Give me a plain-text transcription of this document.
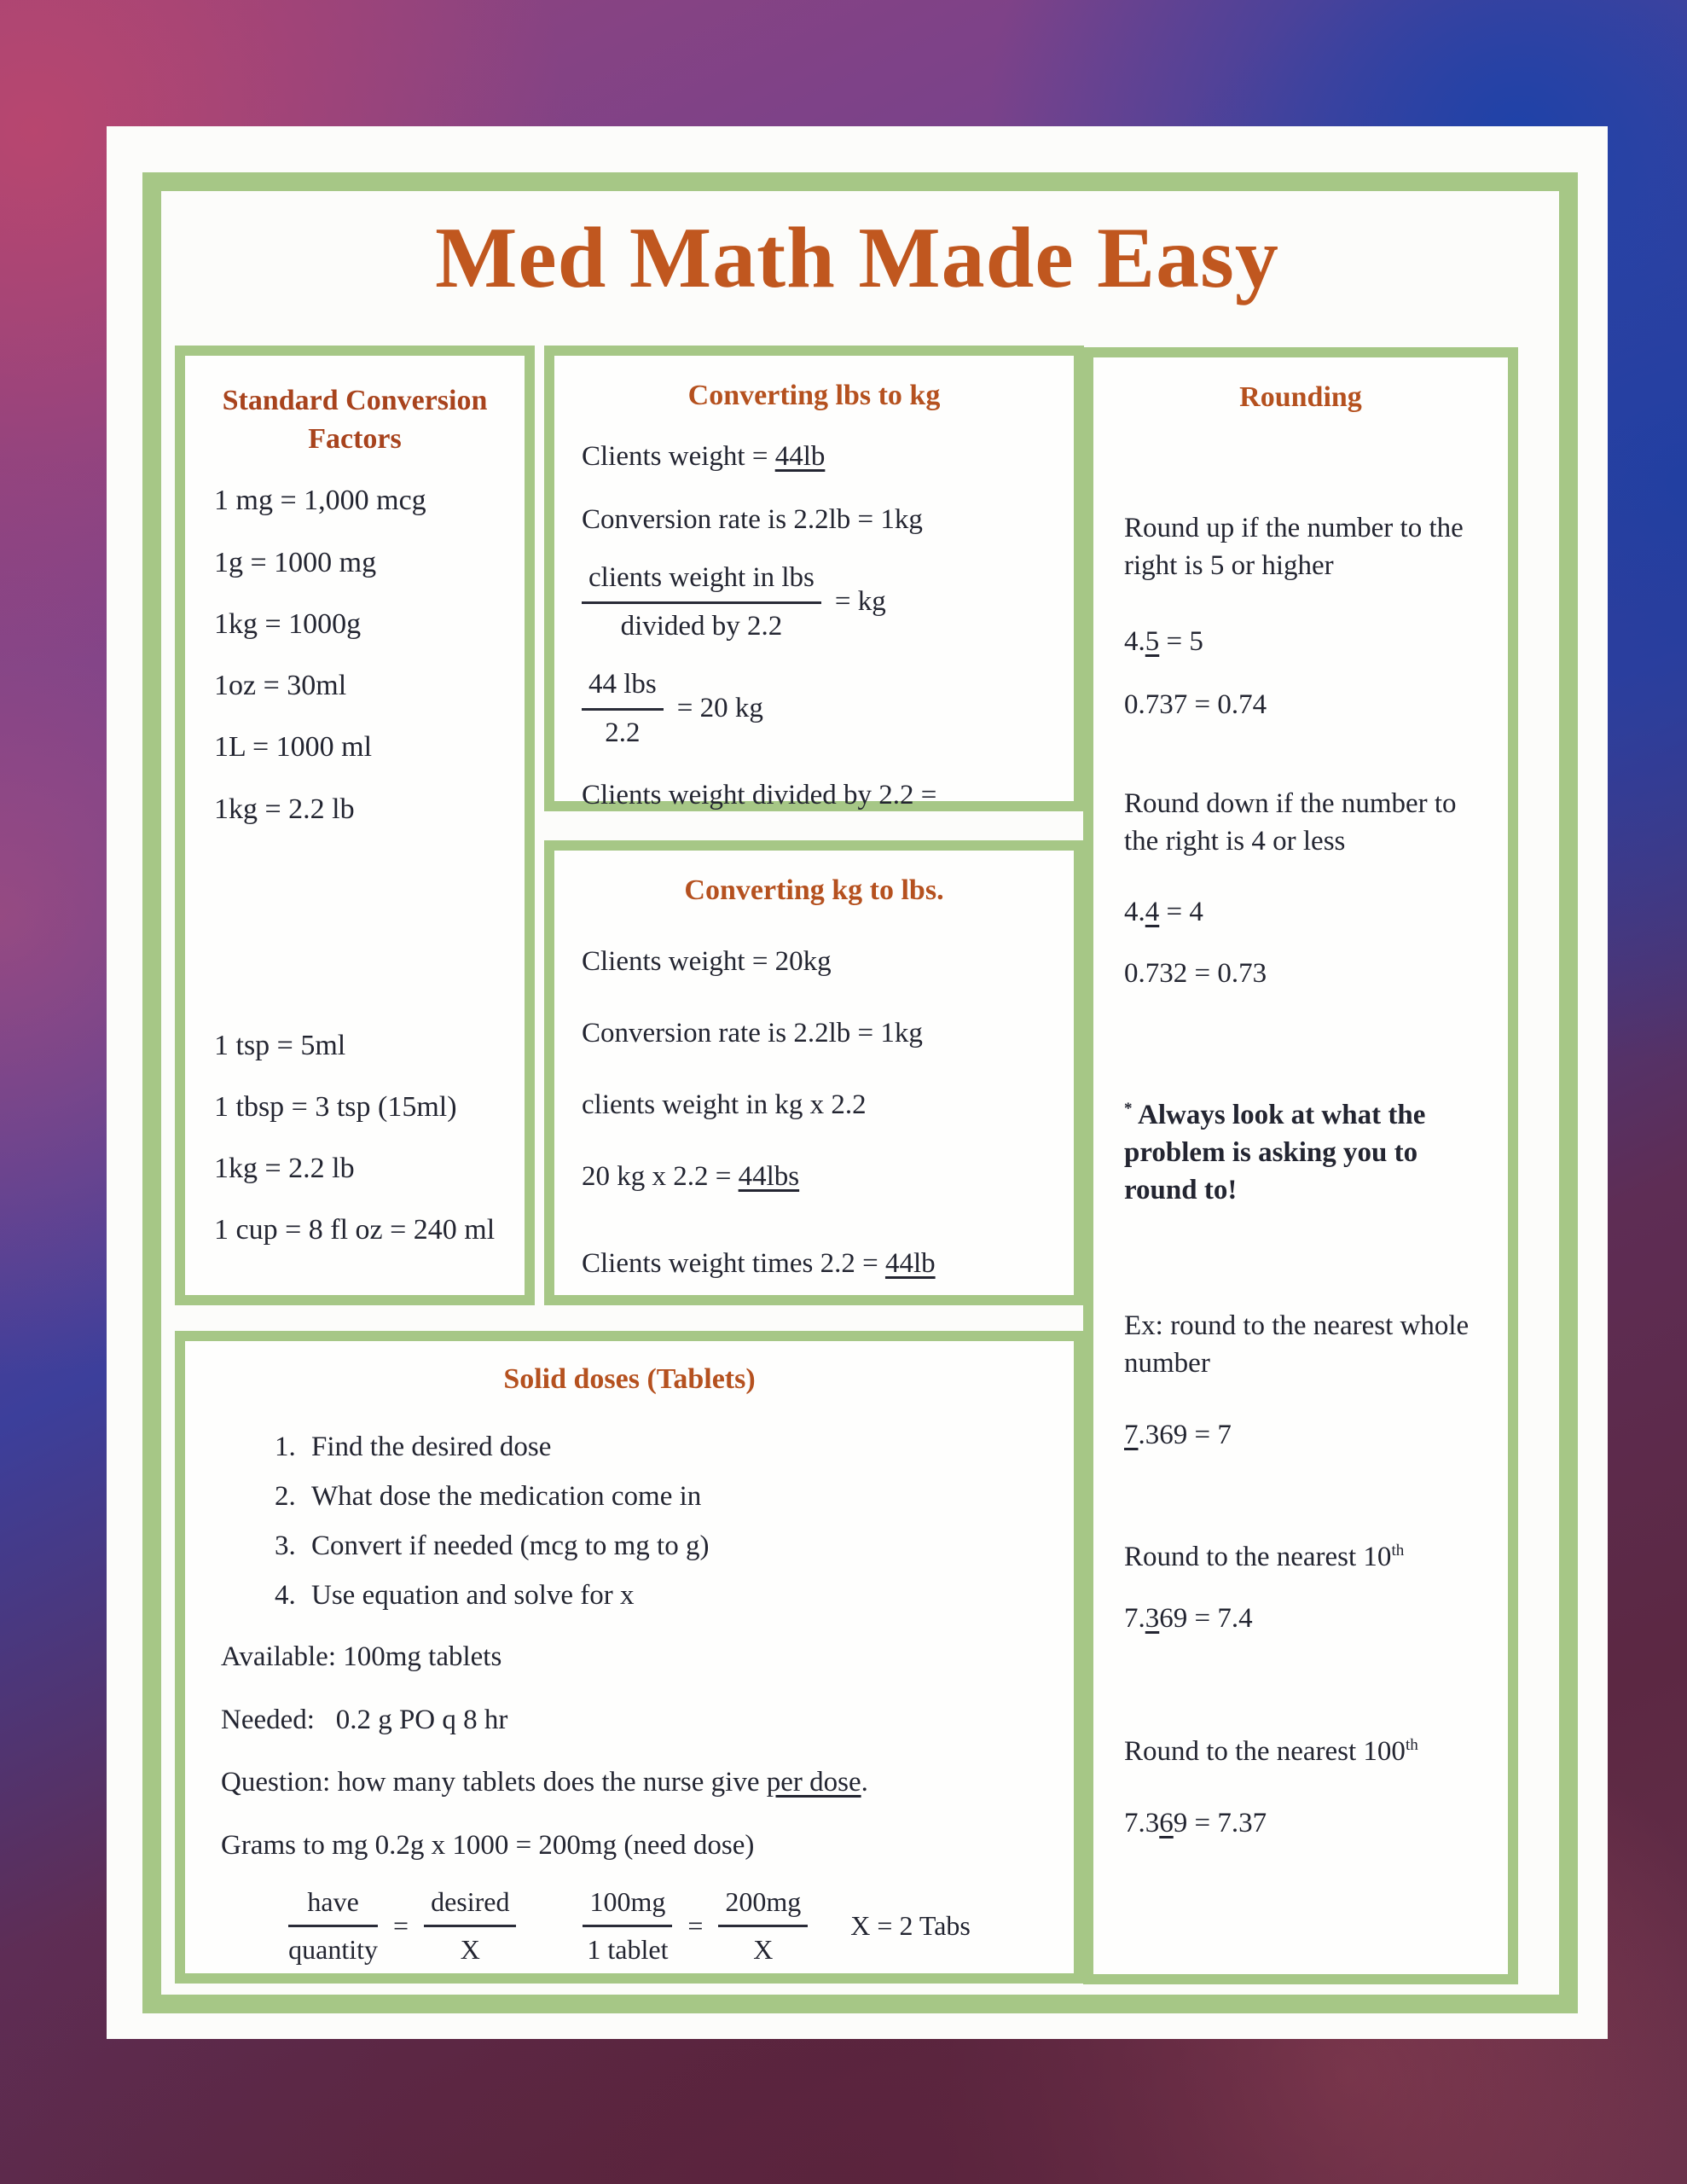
Med Math Made Easy
Standard Conversion Factors
1 mg = 1,000 mcg
1g = 1000 mg
1kg = 1000g
1oz = 30ml
1L = 1000 ml
1kg = 2.2 lb
1 tsp = 5ml
1 tbsp = 3 tsp (15ml)
1kg = 2.2 lb
1 cup = 8 fl oz = 240 ml
Converting lbs to kg
Clients weight = 44lb
Conversion rate is 2.2lb = 1kg
$\frac{\text{clients weight in lbs}}{\text{divided by 2.2}}$ = kg
$\frac{\text{44 lbs}}{2.2} = 20$ kg
Clients weight divided by 2.2 =
Converting kg to lbs.
Clients weight = 20kg
Conversion rate is 2.2lb = 1kg
clients weight in kg x 2.2
20 kg x 2.2 = 44lbs
Clients weight times 2.2 = 44lb
Rounding
Round up if the number to the right is 5 or higher
4.5 = 5
0.737 = 0.74
Round down if the number to the right is 4 or less
4.4 = 4
0.732 = 0.73
* Always look at what the problem is asking you to round to!
Ex: round to the nearest whole number
7.369 = 7
Round to the nearest 10th
7.369 = 7.4
Round to the nearest 100th
7.369 = 7.37
Solid doses (Tablets)
1. Find the desired dose
2. What dose the medication come in
3. Convert if needed (mcg to mg to g)
4. Use equation and solve for x
Available: 100mg tablets
Needed:   0.2 g PO q 8 hr
Question: how many tablets does the nurse give per dose.
Grams to mg 0.2g x 1000 = 200mg (need dose)
$\frac{\text{have}}{\text{quantity}} = \frac{\text{desired}}{X} \frac{100mg}{\text{1 tablet}} = \frac{200mg}{X}$ X = 2 Tabs
